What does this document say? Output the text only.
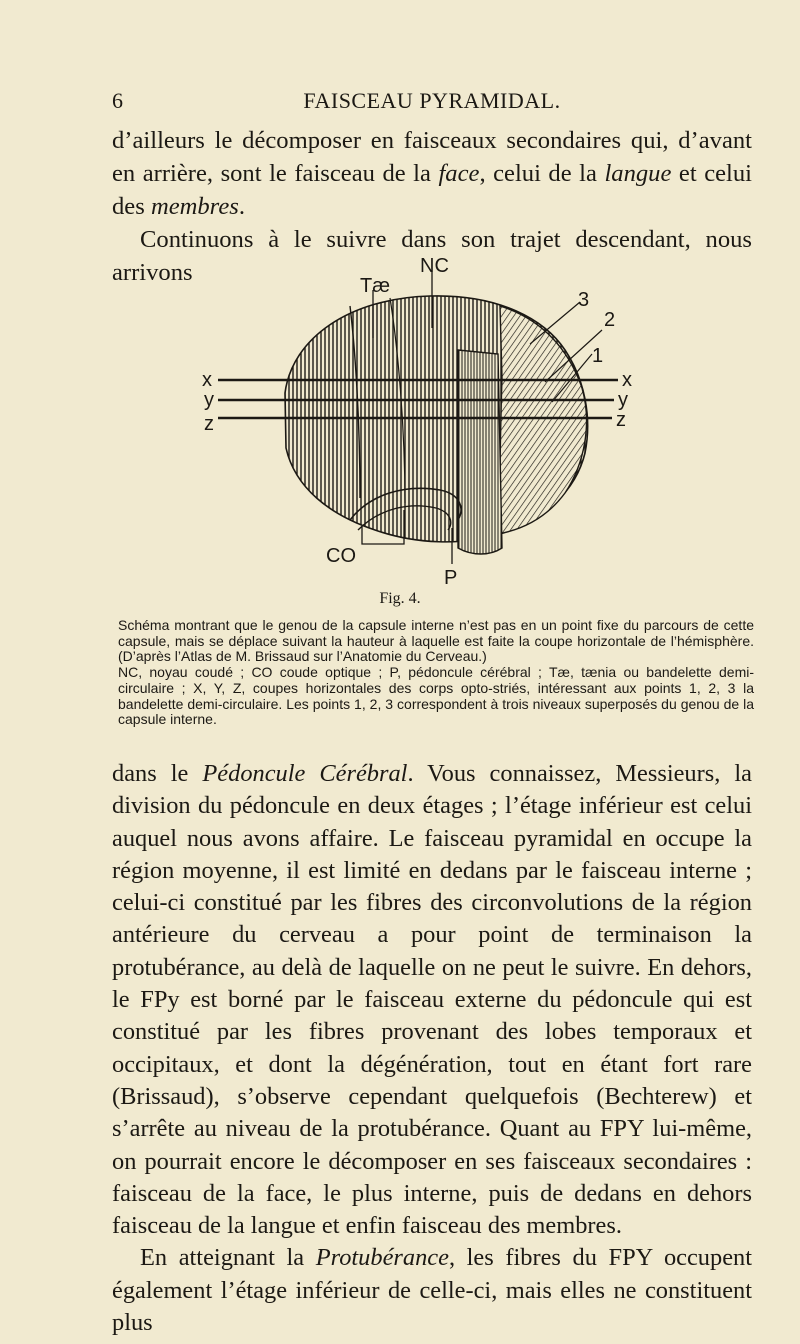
6	FAISCEAU PYRAMIDAL.

d’ailleurs le décomposer en faisceaux secondaires qui, d’avant en arrière, sont le faisceau de la face, celui de la langue et celui des membres.

Continuons à le suivre dans son trajet descendant, nous arrivons	NC
Tæ
3
2
1
x
y
z
x
y
z
CO
P
Fig. 4.

Schéma montrant que le genou de la capsule interne n’est pas en un point fixe du parcours de cette capsule, mais se déplace suivant la hauteur à laquelle est faite la coupe horizontale de l’hémisphère. (D’après l’Atlas de M. Brissaud sur l’Anatomie du Cerveau.)

NC, noyau coudé ; CO coude optique ; P, pédoncule cérébral ; Tæ, tænia ou bandelette demi-circulaire ; X, Y, Z, coupes horizontales des corps opto-striés, intéressant aux points 1, 2, 3 la bandelette demi-circulaire. Les points 1, 2, 3 correspondent à trois niveaux superposés du genou de la capsule interne.

dans le Pédoncule Cérébral. Vous connaissez, Messieurs, la division du pédoncule en deux étages ; l’étage inférieur est celui auquel nous avons affaire. Le faisceau pyramidal en occupe la région moyenne, il est limité en dedans par le faisceau interne ; celui-ci constitué par les fibres des circonvolutions de la région antérieure du cerveau a pour point de terminaison la protubérance, au delà de laquelle on ne peut le suivre. En dehors, le FPy est borné par le faisceau externe du pédoncule qui est constitué par les fibres provenant des lobes temporaux et occipitaux, et dont la dégénération, tout en étant fort rare (Brissaud), s’observe cependant quelquefois (Bechterew) et s’arrête au niveau de la protubérance. Quant au FPY lui-même, on pourrait encore le décomposer en ses faisceaux secondaires : faisceau de la face, le plus interne, puis de dedans en dehors faisceau de la langue et enfin faisceau des membres.

En atteignant la Protubérance, les fibres du FPY occupent également l’étage inférieur de celle-ci, mais elles ne constituent plus
